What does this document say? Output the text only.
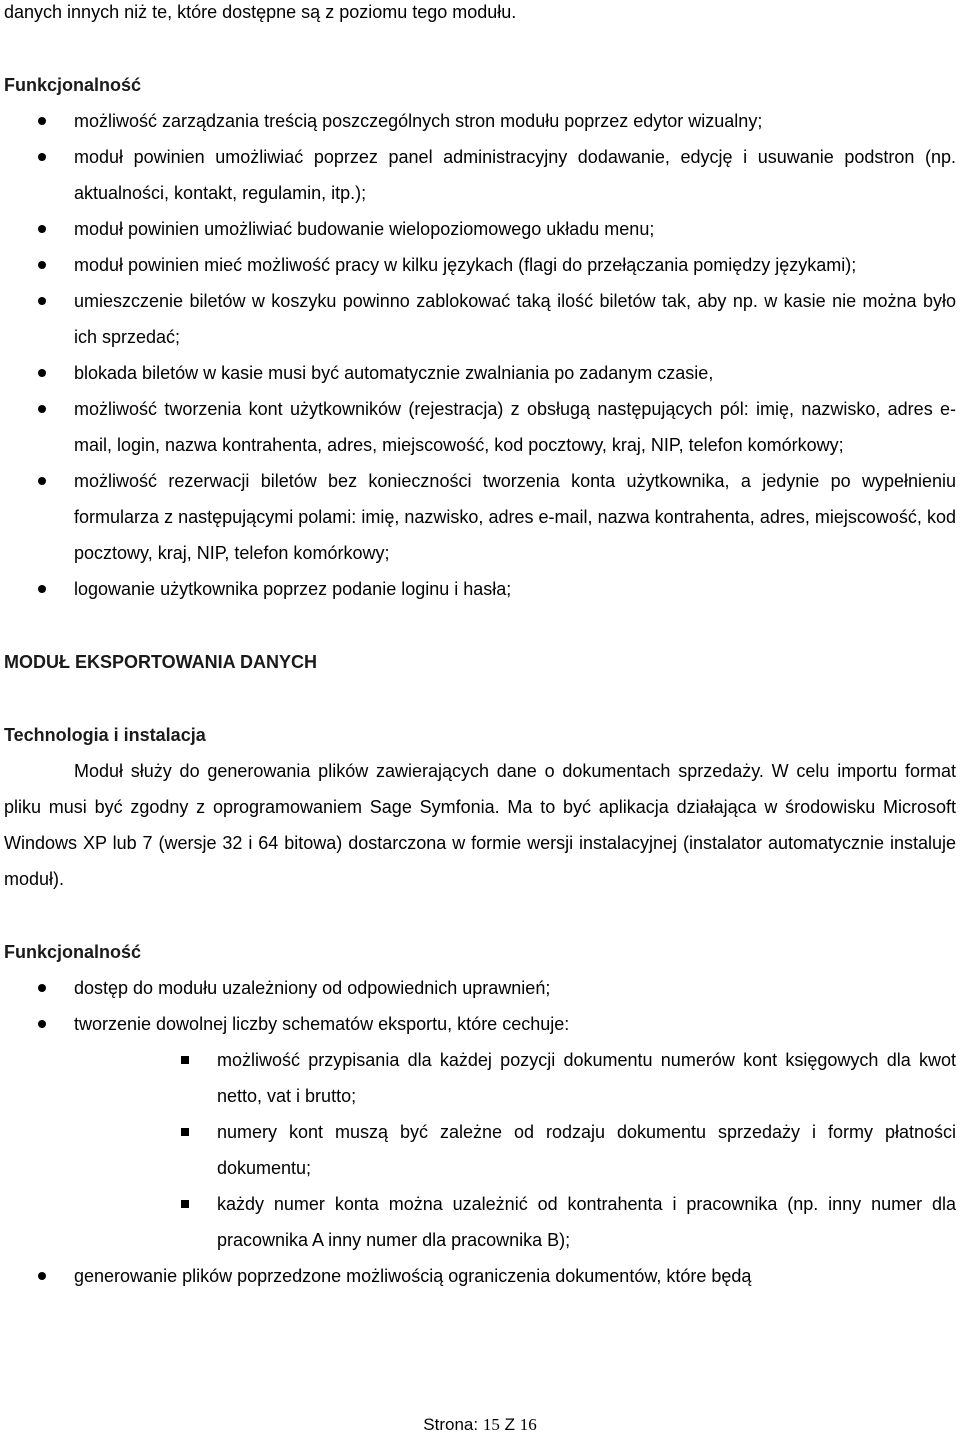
danych innych niż te, które dostępne są z poziomu tego modułu.

Funkcjonalność

możliwość zarządzania treścią poszczególnych stron modułu poprzez edytor wizualny;
moduł powinien umożliwiać poprzez panel administracyjny dodawanie, edycję i usuwanie podstron (np. aktualności, kontakt, regulamin, itp.);
moduł powinien umożliwiać budowanie wielopoziomowego układu menu;
moduł powinien mieć możliwość pracy w kilku językach (flagi do przełączania pomiędzy językami);
umieszczenie biletów w koszyku powinno zablokować taką ilość biletów tak, aby np. w kasie nie można było ich sprzedać;
blokada biletów w kasie musi być automatycznie zwalniania po zadanym czasie,
możliwość tworzenia kont użytkowników (rejestracja) z obsługą następujących pól: imię, nazwisko, adres e-mail, login, nazwa kontrahenta, adres, miejscowość, kod pocztowy, kraj, NIP, telefon komórkowy;
możliwość rezerwacji biletów bez konieczności tworzenia konta użytkownika, a jedynie po wypełnieniu formularza z następującymi polami: imię, nazwisko, adres e-mail, nazwa kontrahenta, adres, miejscowość, kod pocztowy, kraj, NIP, telefon komórkowy;
logowanie użytkownika poprzez podanie loginu i hasła;

MODUŁ EKSPORTOWANIA DANYCH

Technologia i instalacja

Moduł służy do generowania plików zawierających dane o dokumentach sprzedaży. W celu importu format pliku musi być zgodny z oprogramowaniem Sage Symfonia. Ma to być aplikacja działająca w środowisku Microsoft Windows XP lub 7 (wersje 32 i 64 bitowa) dostarczona w formie wersji instalacyjnej (instalator automatycznie instaluje moduł).

Funkcjonalność

dostęp do modułu uzależniony od odpowiednich uprawnień;
tworzenie dowolnej liczby schematów eksportu, które cechuje:
możliwość przypisania dla każdej pozycji dokumentu numerów kont księgowych dla kwot netto, vat i brutto;
numery kont muszą być zależne od rodzaju dokumentu sprzedaży i formy płatności dokumentu;
każdy numer konta można uzależnić od kontrahenta i pracownika (np. inny numer dla pracownika A inny numer dla pracownika B);
generowanie plików poprzedzone możliwością ograniczenia dokumentów, które będą
Strona: 15 Z 16
